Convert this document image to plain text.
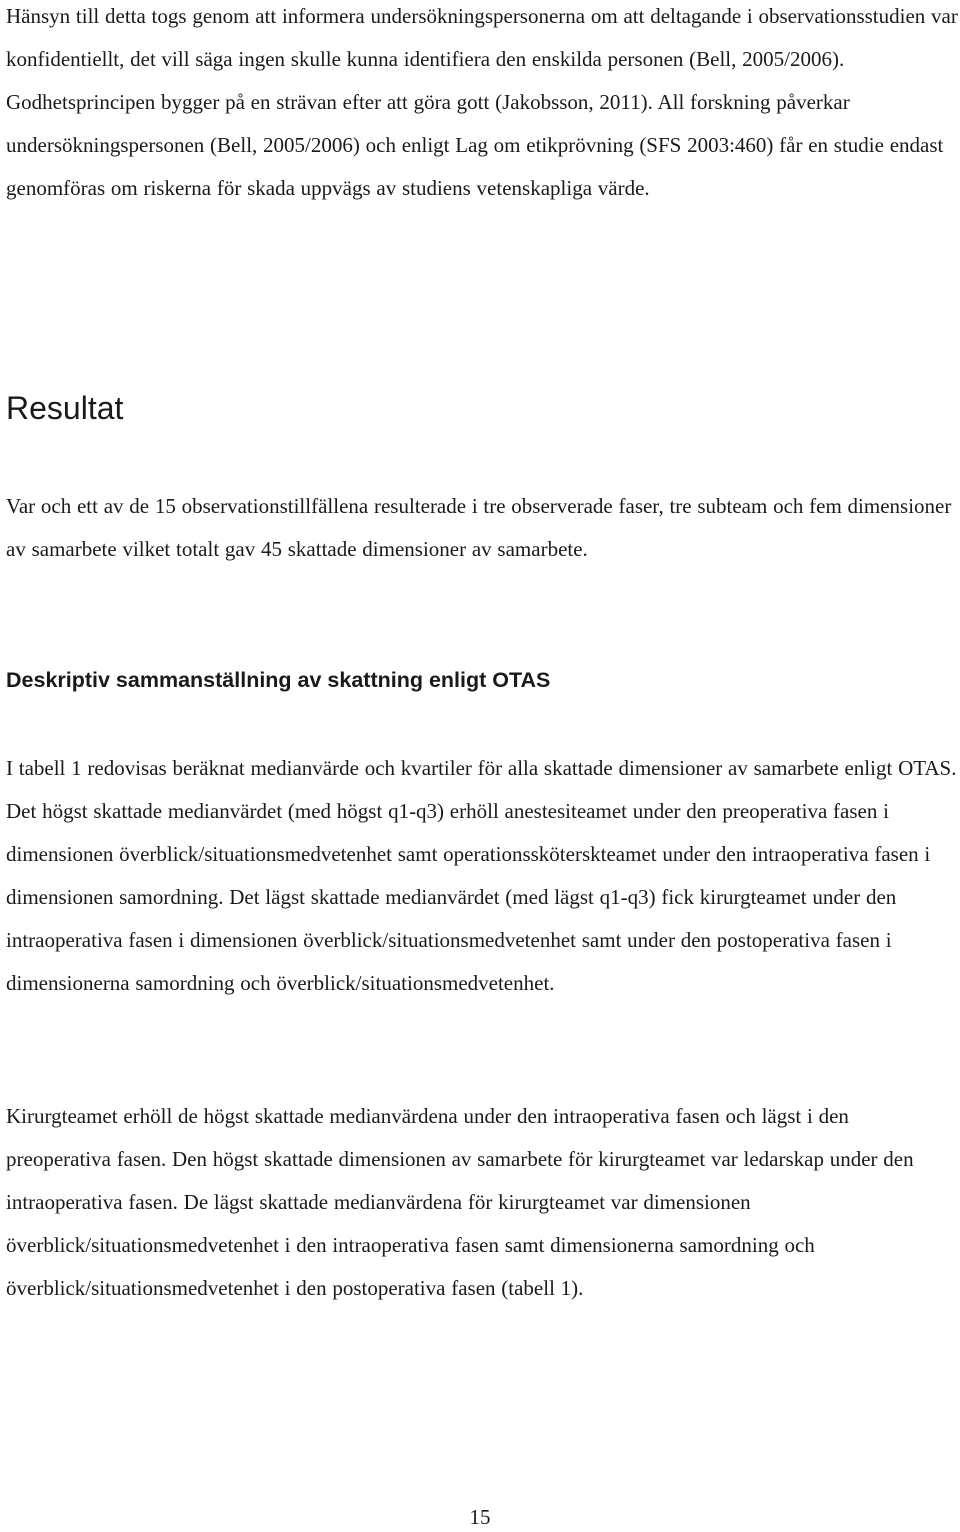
Hänsyn till detta togs genom att informera undersökningspersonerna om att deltagande i observationsstudien var konfidentiellt, det vill säga ingen skulle kunna identifiera den enskilda personen (Bell, 2005/2006). Godhetsprincipen bygger på en strävan efter att göra gott (Jakobsson, 2011). All forskning påverkar undersökningspersonen (Bell, 2005/2006) och enligt Lag om etikprövning (SFS 2003:460) får en studie endast genomföras om riskerna för skada uppvägs av studiens vetenskapliga värde.

Resultat

Var och ett av de 15 observationstillfällena resulterade i tre observerade faser, tre subteam och fem dimensioner av samarbete vilket totalt gav 45 skattade dimensioner av samarbete.

Deskriptiv sammanställning av skattning enligt OTAS

I tabell 1 redovisas beräknat medianvärde och kvartiler för alla skattade dimensioner av samarbete enligt OTAS. Det högst skattade medianvärdet (med högst q1-q3) erhöll anestesiteamet under den preoperativa fasen i dimensionen överblick/situationsmedvetenhet samt operationssköterskteamet under den intraoperativa fasen i dimensionen samordning. Det lägst skattade medianvärdet (med lägst q1-q3) fick kirurgteamet under den intraoperativa fasen i dimensionen överblick/situationsmedvetenhet samt under den postoperativa fasen i dimensionerna samordning och överblick/situationsmedvetenhet.

Kirurgteamet erhöll de högst skattade medianvärdena under den intraoperativa fasen och lägst i den preoperativa fasen. Den högst skattade dimensionen av samarbete för kirurgteamet var ledarskap under den intraoperativa fasen. De lägst skattade medianvärdena för kirurgteamet var dimensionen överblick/situationsmedvetenhet i den intraoperativa fasen samt dimensionerna samordning och överblick/situationsmedvetenhet i den postoperativa fasen (tabell 1).

15
